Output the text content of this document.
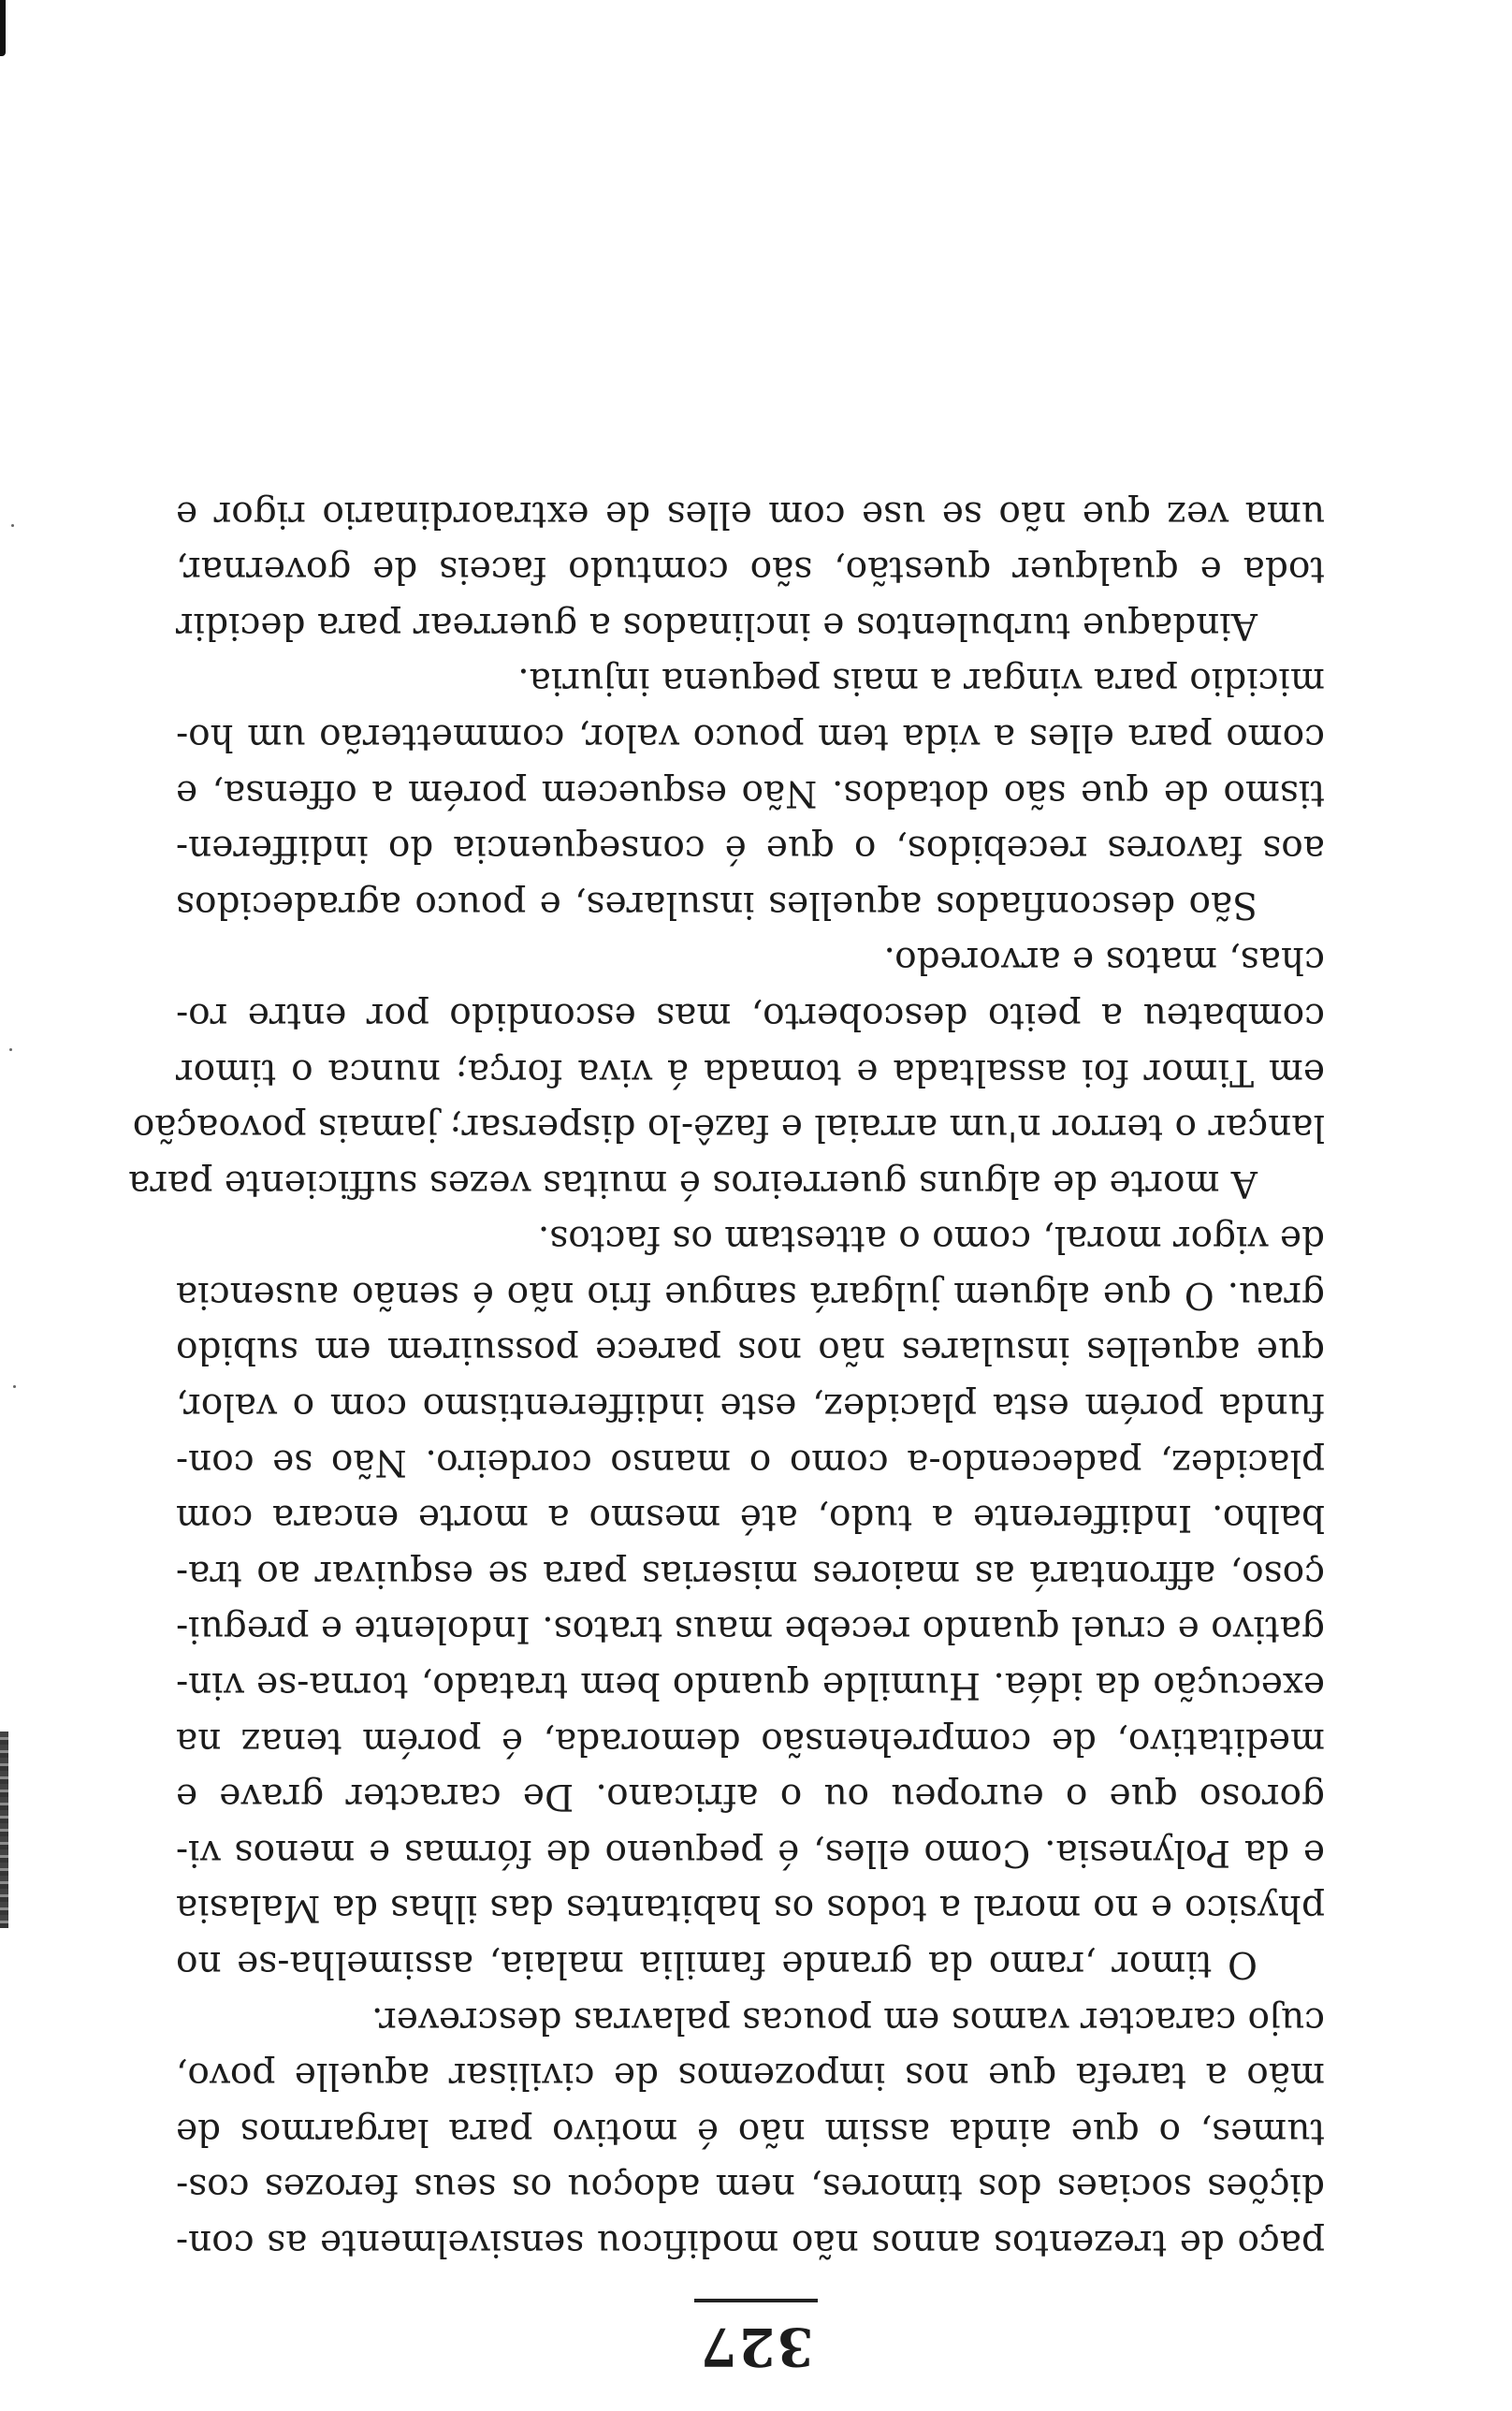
327
paço de trezentos annos não modificou sensivelmente as con-
dições sociaes dos timores, nem adoçou os seus ferozes cos-
tumes, o que ainda assim não é motivo para largarmos de
mão a tarefa que nos impozemos de civilisar aquelle povo,
cujo caracter vamos em poucas palavras descrever.
O timor ,ramo da grande familia malaia, assimelha-se no
physico e no moral a todos os habitantes das ilhas da Malasia
e da Polynesia. Como elles, é pequeno de fórmas e menos vi-
goroso que o europeu ou o africano. De caracter grave e
meditativo, de comprehensão demorada, é porém tenaz na
execução da idéa. Humilde quando bem tratado, torna-se vin-
gativo e cruel quando recebe maus tratos. Indolente e pregui-
çoso, affrontará as maiores miserias para se esquivar ao tra-
balho. Indifferente a tudo, até mesmo a morte encara com
placidez, padecendo-a como o manso cordeiro. Não se con-
funda porém esta placidez, este indifferentismo com o valor,
que aquelles insulares não nos parece possuirem em subido
grau. O que alguem julgará sangue frio não é senão ausencia
de vigor moral, como o attestam os factos.
A morte de alguns guerreiros é muitas vezes sufficiente para
lançar o terror n'um arraial e fazê-lo dispersar; jamais povoação
em Timor foi assaltada e tomada á viva força; nunca o timor
combateu a peito descoberto, mas escondido por entre ro-
chas, matos e arvoredo.
São desconfiados aquelles insulares, e pouco agradecidos
aos favores recebidos, o que é consequencia do indifferen-
tismo de que são dotados. Não esquecem porém a offensa, e
como para elles a vida tem pouco valor, commetterão um ho-
micidio para vingar a mais pequena injuria.
Aindaque turbulentos e inclinados a guerrear para decidir
toda e qualquer questão, são comtudo faceis de governar,
uma vez que não se use com elles de extraordinario rigor e
